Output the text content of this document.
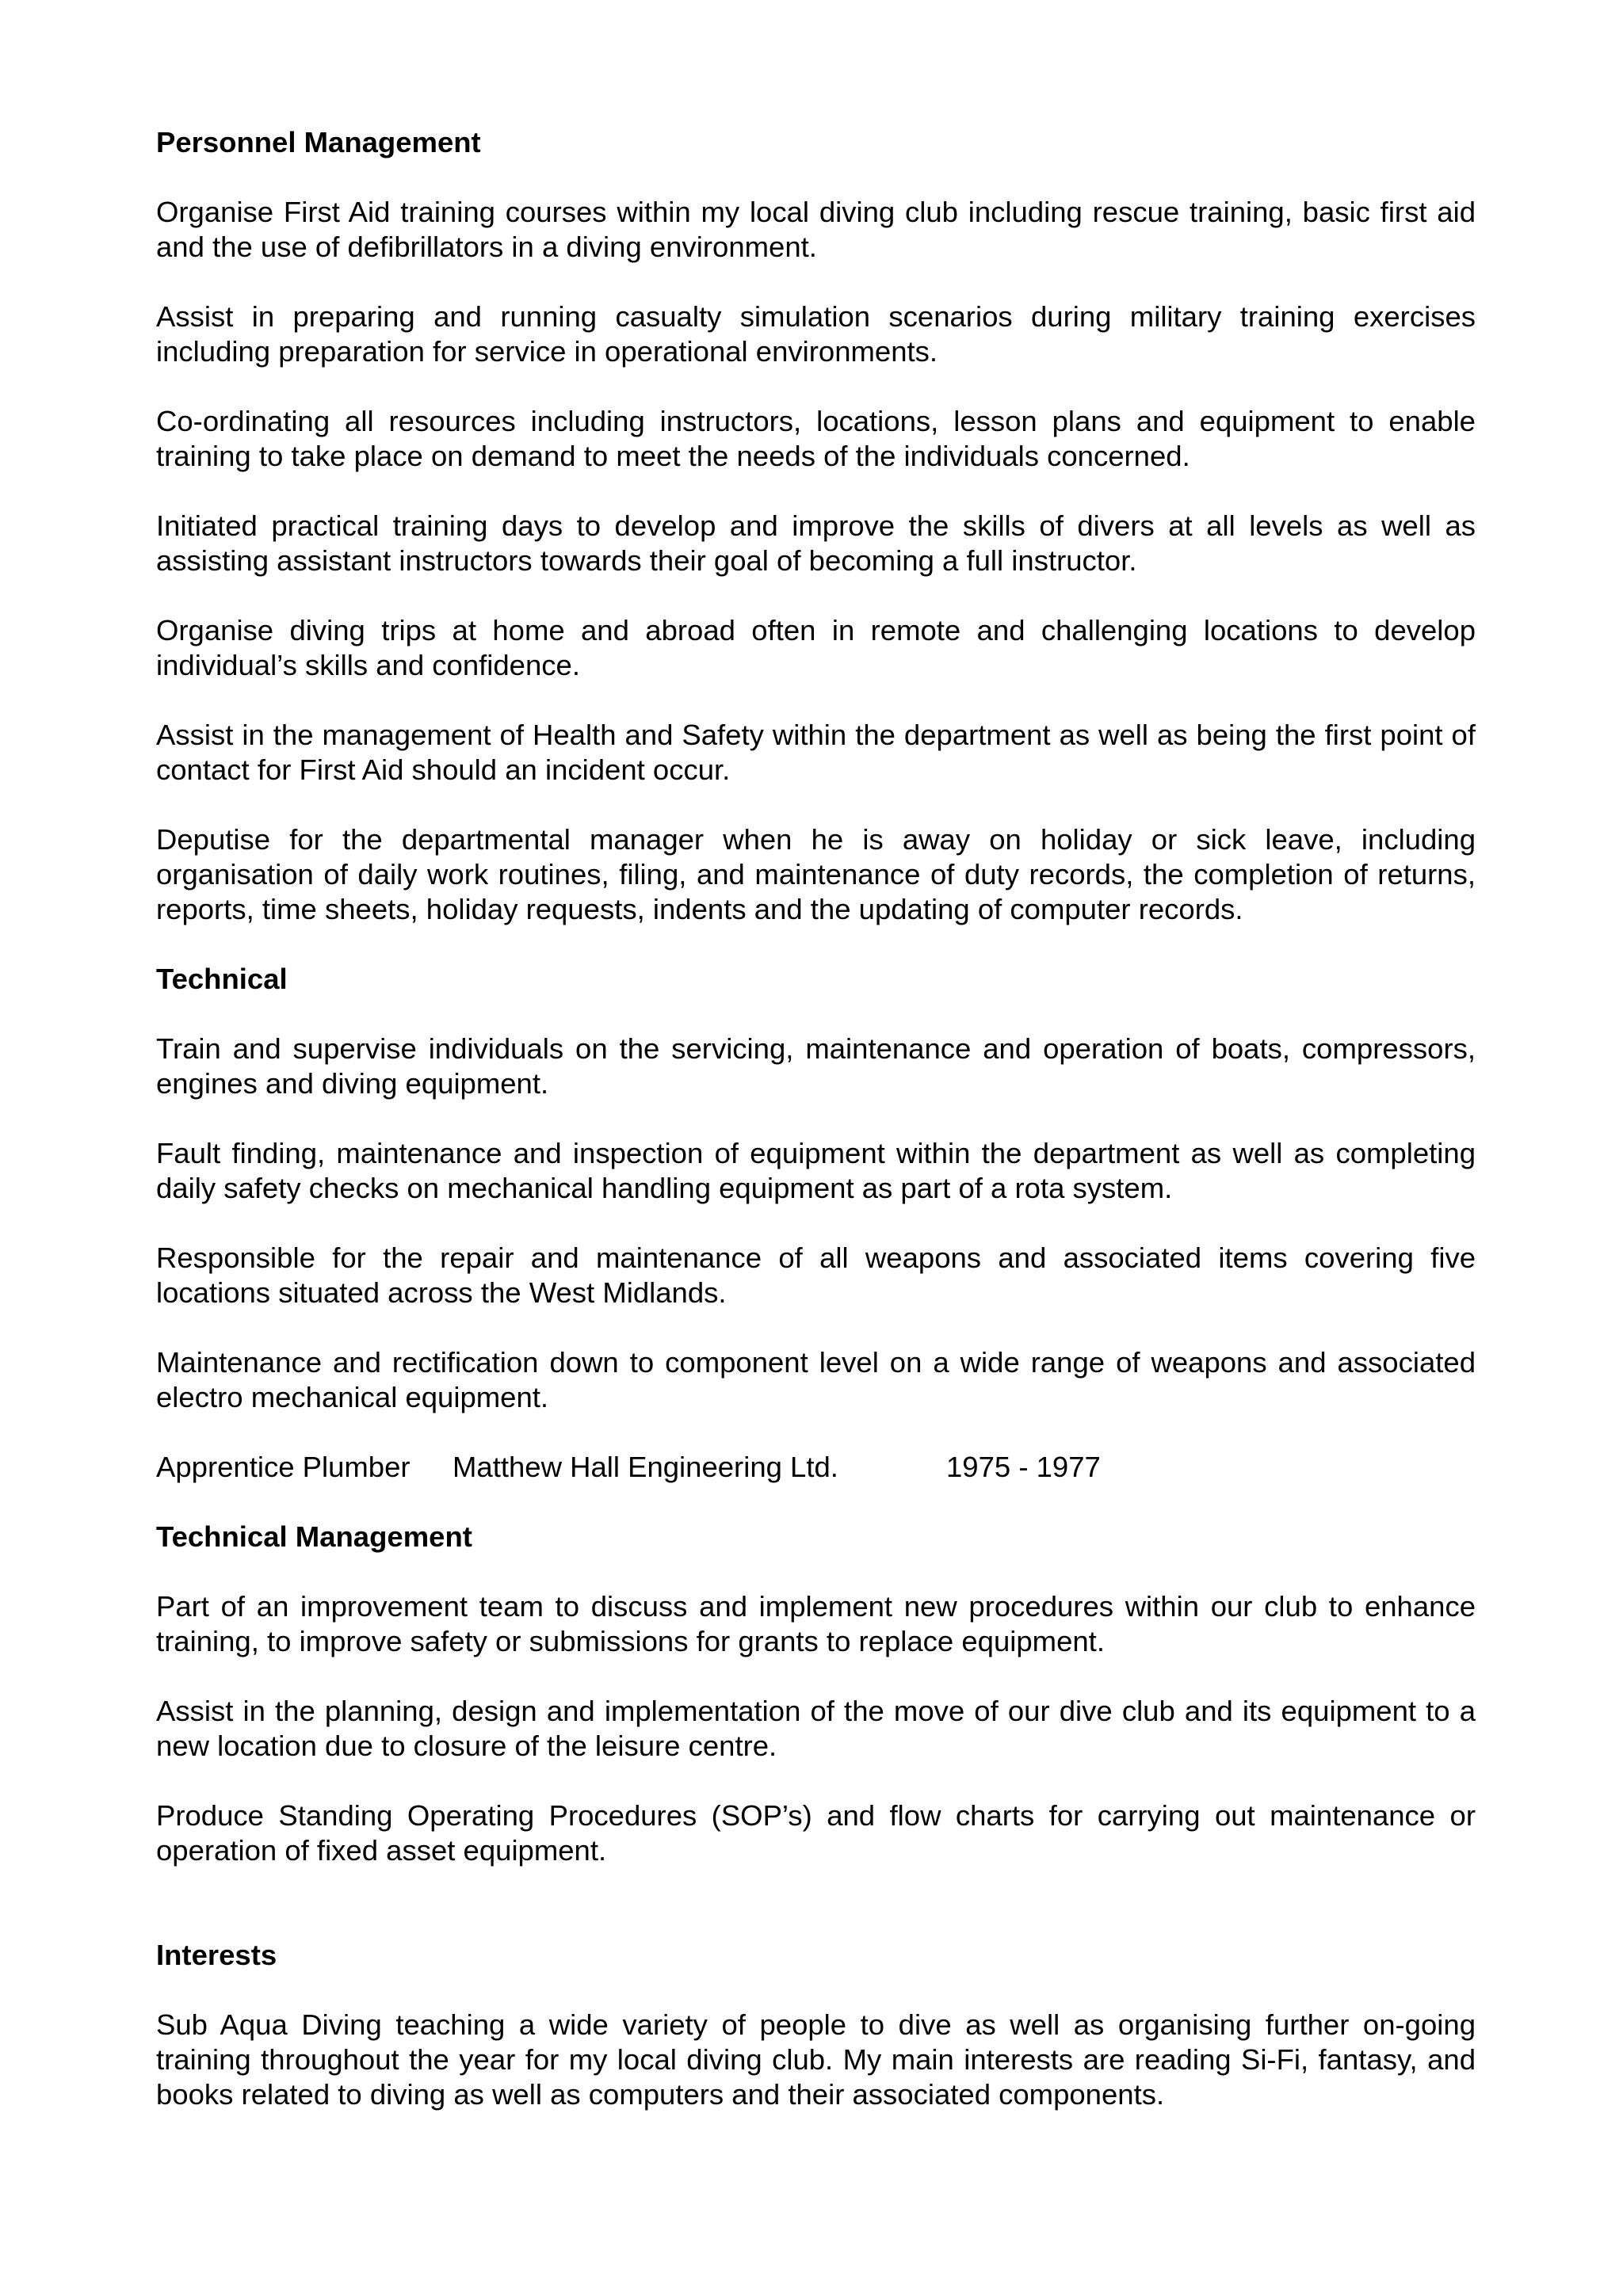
Personnel Management

Organise First Aid training courses within my local diving club including rescue training, basic first aid and the use of defibrillators in a diving environment.

Assist in preparing and running casualty simulation scenarios during military training exercises including preparation for service in operational environments.

Co-ordinating all resources including instructors, locations, lesson plans and equipment to enable training to take place on demand to meet the needs of the individuals concerned.

Initiated practical training days to develop and improve the skills of divers at all levels as well as assisting assistant instructors towards their goal of becoming a full instructor.

Organise diving trips at home and abroad often in remote and challenging locations to develop individual’s skills and confidence.

Assist in the management of Health and Safety within the department as well as being the first point of contact for First Aid should an incident occur.

Deputise for the departmental manager when he is away on holiday or sick leave, including organisation of daily work routines, filing, and maintenance of duty records, the completion of returns, reports, time sheets, holiday requests, indents and the updating of computer records.

Technical

Train and supervise individuals on the servicing, maintenance and operation of boats, compressors, engines and diving equipment.

Fault finding, maintenance and inspection of equipment within the department as well as completing daily safety checks on mechanical handling equipment as part of a rota system.

Responsible for the repair and maintenance of all weapons and associated items covering five locations situated across the West Midlands.

Maintenance and rectification down to component level on a wide range of weapons and associated electro mechanical equipment.

Apprentice Plumber Matthew Hall Engineering Ltd.	1975 - 1977
Technical Management

Part of an improvement team to discuss and implement new procedures within our club to enhance training, to improve safety or submissions for grants to replace equipment.

Assist in the planning, design and implementation of the move of our dive club and its equipment to a new location due to closure of the leisure centre.

Produce Standing Operating Procedures (SOP’s) and flow charts for carrying out maintenance or operation of fixed asset equipment.

Interests

Sub Aqua Diving teaching a wide variety of people to dive as well as organising further on-going training throughout the year for my local diving club. My main interests are reading Si-Fi, fantasy, and books related to diving as well as computers and their associated components.
